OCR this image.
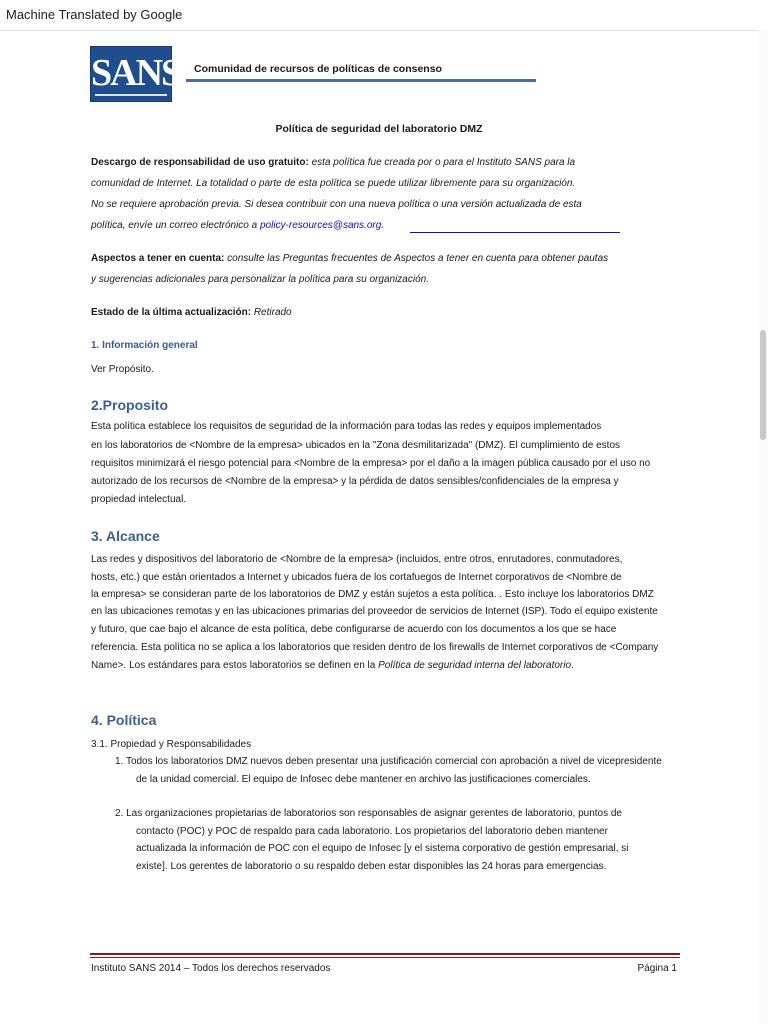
Machine Translated by Google
SANS Comunidad de recursos de políticas de consenso
Política de seguridad del laboratorio DMZ
Descargo de responsabilidad de uso gratuito: esta política fue creada por o para el Instituto SANS para la
comunidad de Internet. La totalidad o parte de esta política se puede utilizar libremente para su organización.
No se requiere aprobación previa. Si desea contribuir con una nueva política o una versión actualizada de esta
política, envíe un correo electrónico a policy-resources@sans.org.
Aspectos a tener en cuenta: consulte las Preguntas frecuentes de Aspectos a tener en cuenta para obtener pautas
y sugerencias adicionales para personalizar la política para su organización.
Estado de la última actualización: Retirado
1. Información general
Ver Propósito.
2.Proposito
Esta política establece los requisitos de seguridad de la información para todas las redes y equipos implementados
en los laboratorios de <Nombre de la empresa> ubicados en la "Zona desmilitarizada" (DMZ). El cumplimiento de estos
requisitos minimizará el riesgo potencial para <Nombre de la empresa> por el daño a la imagen pública causado por el uso no
autorizado de los recursos de <Nombre de la empresa> y la pérdida de datos sensibles/confidenciales de la empresa y
propiedad intelectual.
3. Alcance
Las redes y dispositivos del laboratorio de <Nombre de la empresa> (incluidos, entre otros, enrutadores, conmutadores,
hosts, etc.) que están orientados a Internet y ubicados fuera de los cortafuegos de Internet corporativos de <Nombre de
la empresa> se consideran parte de los laboratorios de DMZ y están sujetos a esta política. . Esto incluye los laboratorios DMZ
en las ubicaciones remotas y en las ubicaciones primarias del proveedor de servicios de Internet (ISP). Todo el equipo existente
y futuro, que cae bajo el alcance de esta política, debe configurarse de acuerdo con los documentos a los que se hace
referencia. Esta política no se aplica a los laboratorios que residen dentro de los firewalls de Internet corporativos de <Company
Name>. Los estándares para estos laboratorios se definen en la Política de seguridad interna del laboratorio.
4. Política
3.1. Propiedad y Responsabilidades
1. Todos los laboratorios DMZ nuevos deben presentar una justificación comercial con aprobación a nivel de vicepresidente
de la unidad comercial. El equipo de Infosec debe mantener en archivo las justificaciones comerciales.
2. Las organizaciones propietarias de laboratorios son responsables de asignar gerentes de laboratorio, puntos de
contacto (POC) y POC de respaldo para cada laboratorio. Los propietarios del laboratorio deben mantener
actualizada la información de POC con el equipo de Infosec [y el sistema corporativo de gestión empresarial, si
existe]. Los gerentes de laboratorio o su respaldo deben estar disponibles las 24 horas para emergencias.
Instituto SANS 2014 – Todos los derechos reservados	Página 1
